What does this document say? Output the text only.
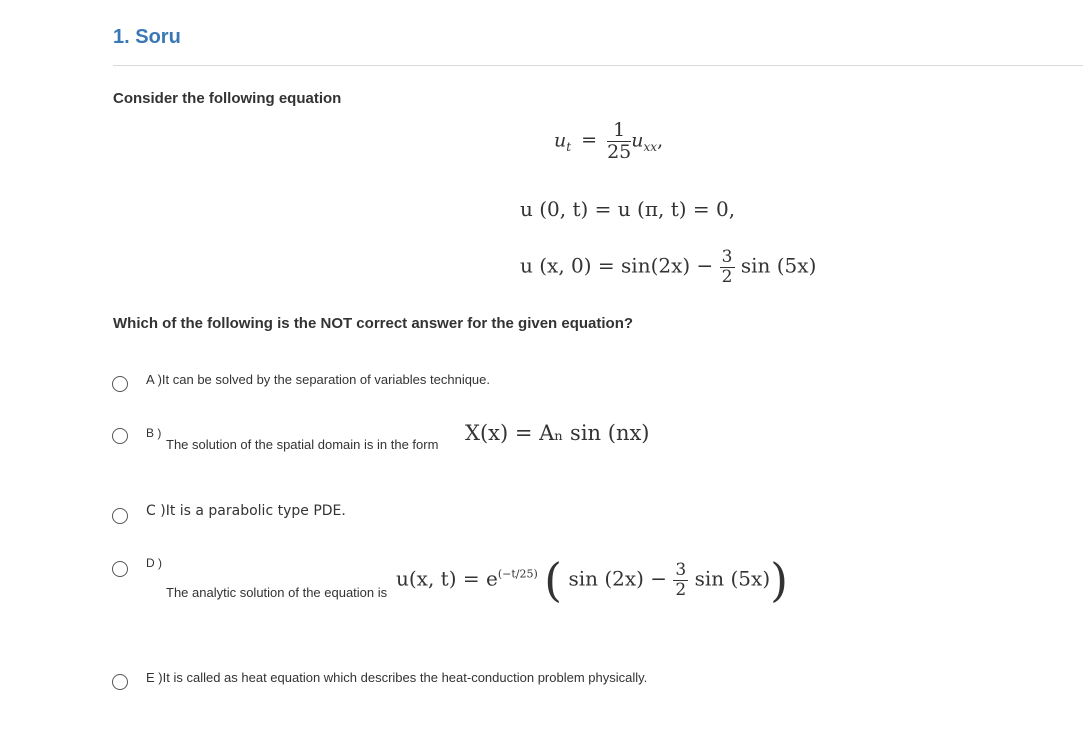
1. Soru
Consider the following equation
$u_t = \frac{1}{25} u_{xx}$,
u (0, t) = u (π, t) = 0,
u (x, $0) = \sin(2x) - \frac{3}{2}$ sin (5x)
Which of the following is the NOT correct answer for the given equation?
A )It can be solved by the separation of variables technique.
B )
The solution of the spatial domain is in the form X(x) = Aₙ sin (nx)
C )It is a parabolic type PDE.
D )
The analytic solution of the equation is
u(x, $t) = e^{(-t/25)}$ ( $\sin (2x) - \frac{3}{2}$ sin (5x))
E )It is called as heat equation which describes the heat-conduction problem physically.
